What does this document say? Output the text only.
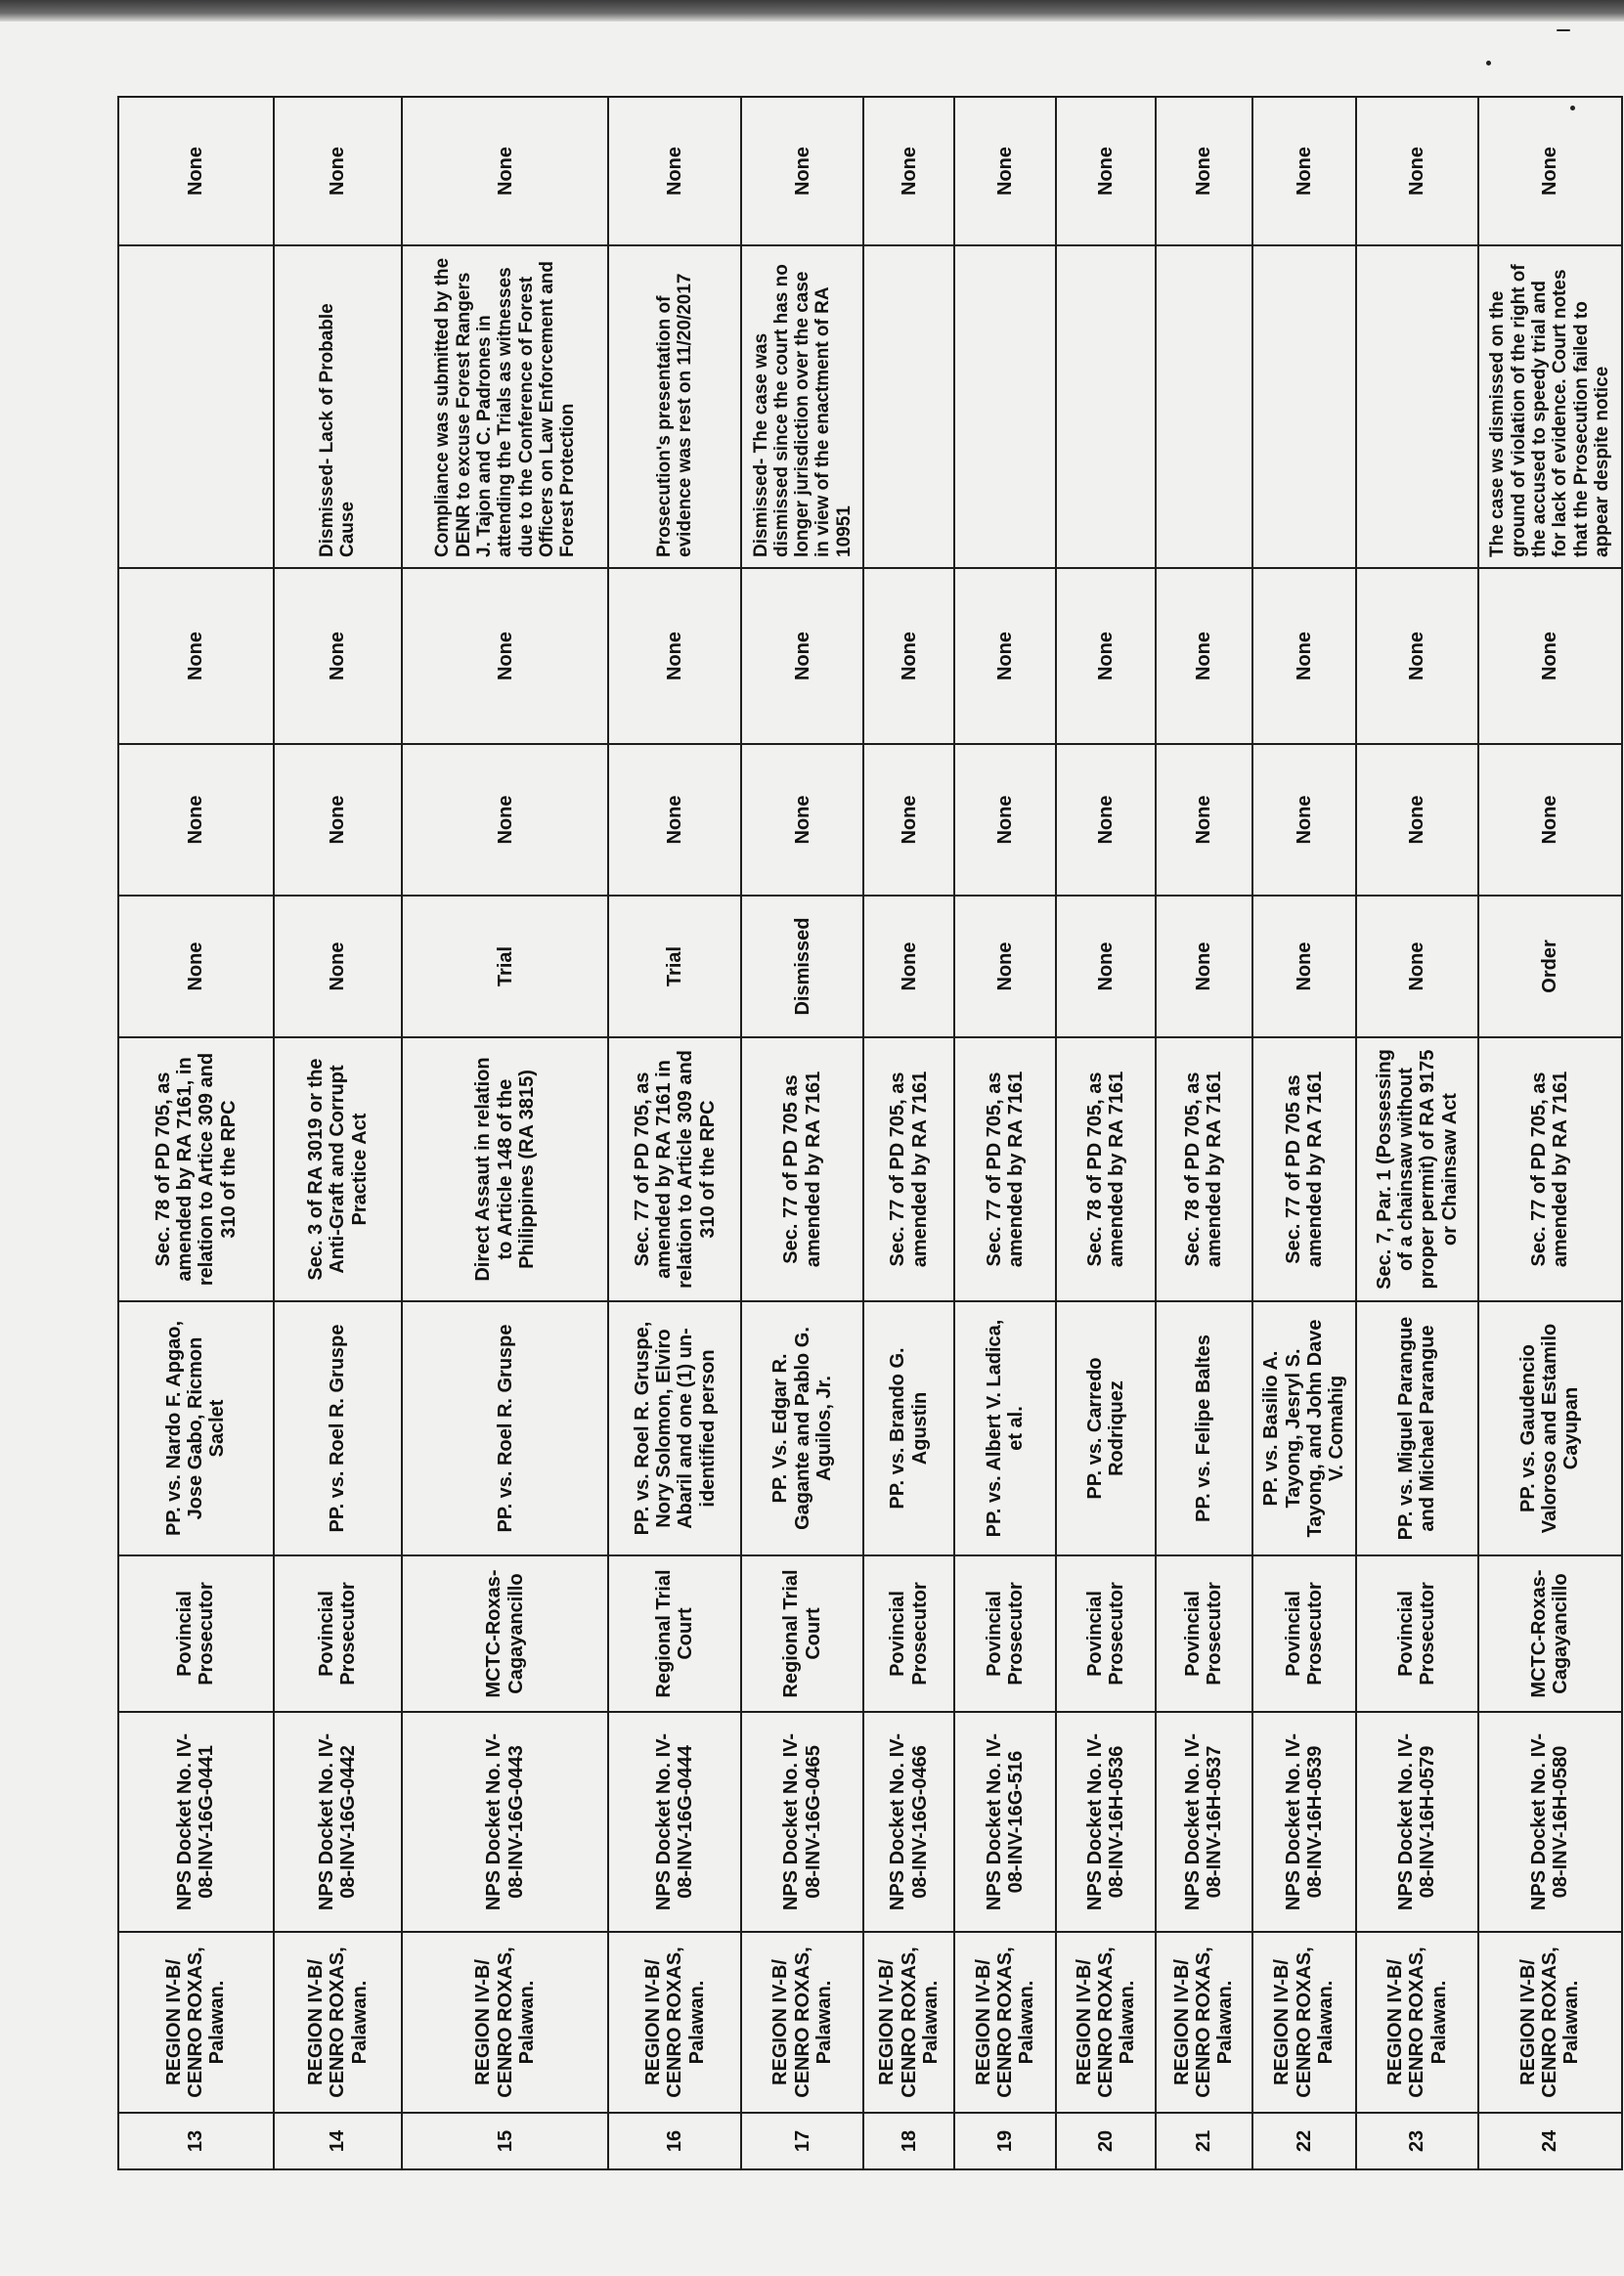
13	REGION IV-B/ CENRO ROXAS, Palawan.	NPS Docket No. IV-08-INV-16G-0441	Povincial Prosecutor	PP. vs. Nardo F. Apgao, Jose Gabo, Ricmon Saclet	Sec. 78 of PD 705, as amended by RA 7161, in relation to Artice 309 and 310 of the RPC	None	None	None		None
14	REGION IV-B/ CENRO ROXAS, Palawan.	NPS Docket No. IV-08-INV-16G-0442	Povincial Prosecutor	PP. vs. Roel R. Gruspe	Sec. 3 of RA 3019 or the Anti-Graft and Corrupt Practice Act	None	None	None	Dismissed- Lack of Probable Cause	None
15	REGION IV-B/ CENRO ROXAS, Palawan.	NPS Docket No. IV-08-INV-16G-0443	MCTC-Roxas-Cagayancillo	PP. vs. Roel R. Gruspe	Direct Assaut in relation to Article 148 of the Philippines (RA 3815)	Trial	None	None	Compliance was submitted by the DENR to excuse Forest Rangers J. Tajon and C. Padrones in attending the Trials as witnesses due to the Conference of Forest Officers on Law Enforcement and Forest Protection	None
16	REGION IV-B/ CENRO ROXAS, Palawan.	NPS Docket No. IV-08-INV-16G-0444	Regional Trial Court	PP. vs. Roel R. Gruspe, Nory Solomon, Elviro Abaril and one (1) un-identified person	Sec. 77 of PD 705, as amended by RA 7161 in relation to Article 309 and 310 of the RPC	Trial	None	None	Prosecution's presentation of evidence was rest on 11/20/2017	None
17	REGION IV-B/ CENRO ROXAS, Palawan.	NPS Docket No. IV-08-INV-16G-0465	Regional Trial Court	PP. Vs. Edgar R. Gagante and Pablo G. Aguilos, Jr.	Sec. 77 of PD 705 as amended by RA 7161	Dismissed	None	None	Dismissed- The case was dismissed since the court has no longer jurisdiction over the case in view of the enactment of RA 10951	None
18	REGION IV-B/ CENRO ROXAS, Palawan.	NPS Docket No. IV-08-INV-16G-0466	Povincial Prosecutor	PP. vs. Brando G. Agustin	Sec. 77 of PD 705, as amended by RA 7161	None	None	None		None
19	REGION IV-B/ CENRO ROXAS, Palawan.	NPS Docket No. IV-08-INV-16G-516	Povincial Prosecutor	PP. vs. Albert V. Ladica, et al.	Sec. 77 of PD 705, as amended by RA 7161	None	None	None		None
20	REGION IV-B/ CENRO ROXAS, Palawan.	NPS Docket No. IV-08-INV-16H-0536	Povincial Prosecutor	PP. vs. Carredo Rodriquez	Sec. 78 of PD 705, as amended by RA 7161	None	None	None		None
21	REGION IV-B/ CENRO ROXAS, Palawan.	NPS Docket No. IV-08-INV-16H-0537	Povincial Prosecutor	PP. vs. Felipe Baltes	Sec. 78 of PD 705, as amended by RA 7161	None	None	None		None
22	REGION IV-B/ CENRO ROXAS, Palawan.	NPS Docket No. IV-08-INV-16H-0539	Povincial Prosecutor	PP. vs. Basilio A. Tayong, Jesryl S. Tayong, and John Dave V. Comahig	Sec. 77 of PD 705 as amended by RA 7161	None	None	None		None
23	REGION IV-B/ CENRO ROXAS, Palawan.	NPS Docket No. IV-08-INV-16H-0579	Povincial Prosecutor	PP. vs. Miguel Parangue and Michael Parangue	Sec. 7, Par. 1 (Possessing of a chainsaw without proper permit) of RA 9175 or Chainsaw Act	None	None	None		None
24	REGION IV-B/ CENRO ROXAS, Palawan.	NPS Docket No. IV-08-INV-16H-0580	MCTC-Roxas-Cagayancillo	PP. vs. Gaudencio Valoroso and Estamilo Cayupan	Sec. 77 of PD 705, as amended by RA 7161	Order	None	None	The case ws dismissed on the ground of violation of the right of the accused to speedy trial and for lack of evidence. Court notes that the Prosecution failed to appear despite notice	None
